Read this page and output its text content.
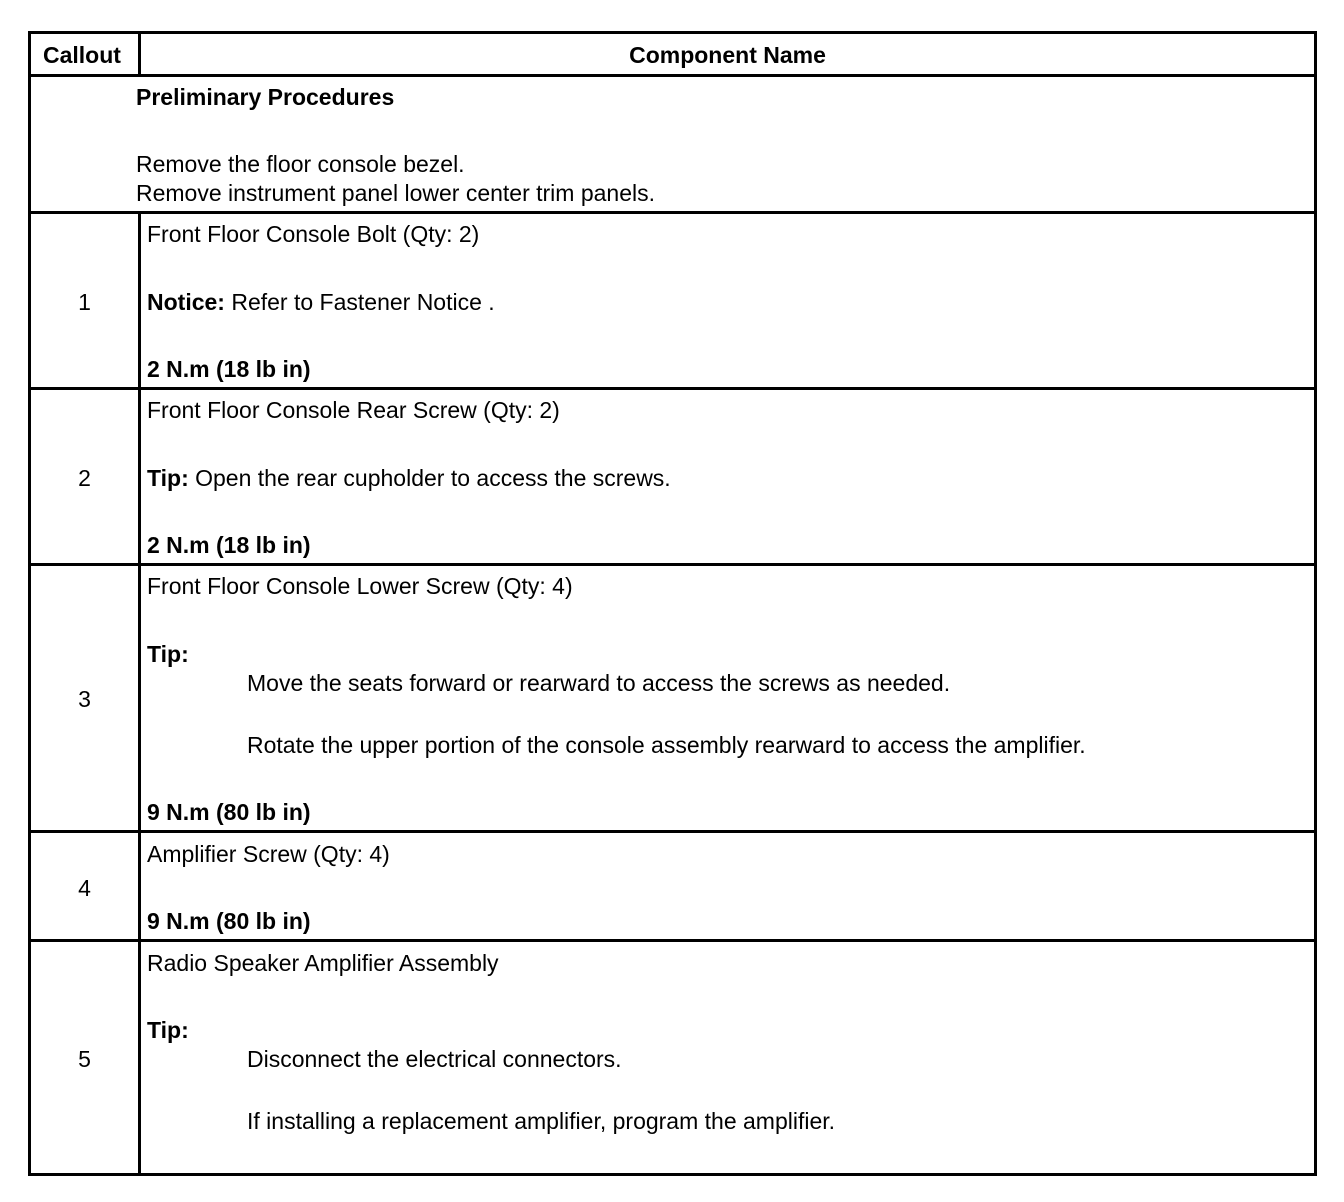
Callout	Component Name
Preliminary Procedures
Remove the floor console bezel.
Remove instrument panel lower center trim panels.
1
Front Floor Console Bolt (Qty: 2)
Notice: Refer to Fastener Notice .
2 N.m (18 lb in)
2
Front Floor Console Rear Screw (Qty: 2)
Tip: Open the rear cupholder to access the screws.
2 N.m (18 lb in)
3
Front Floor Console Lower Screw (Qty: 4)
Tip:
Move the seats forward or rearward to access the screws as needed.
Rotate the upper portion of the console assembly rearward to access the amplifier.
9 N.m (80 lb in)
4
Amplifier Screw (Qty: 4)
9 N.m (80 lb in)
5
Radio Speaker Amplifier Assembly
Tip:
Disconnect the electrical connectors.
If installing a replacement amplifier, program the amplifier.
